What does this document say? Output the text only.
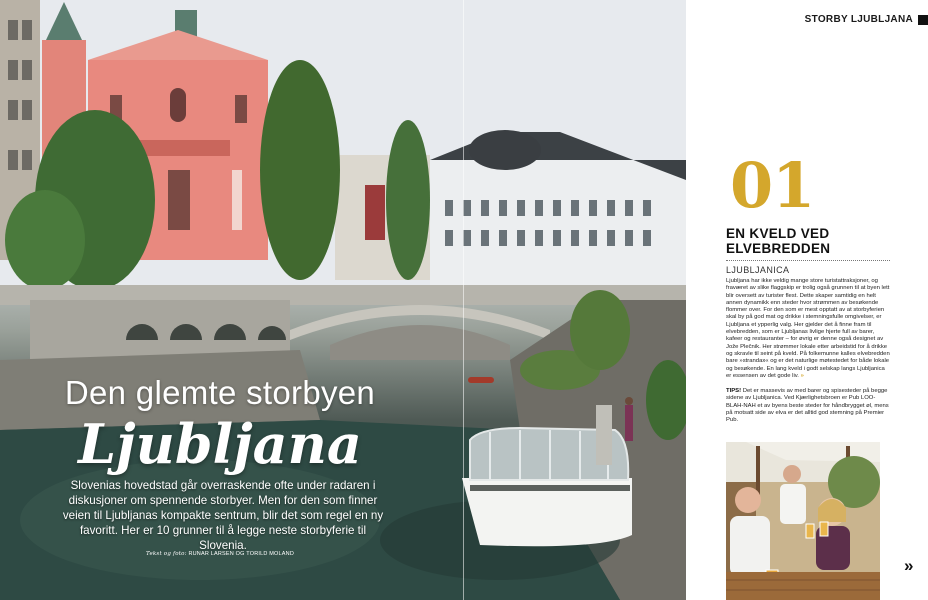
Den glemte storbyen
Ljubljana
Slovenias hovedstad går overraskende ofte under radaren i diskusjoner om spennende storbyer. Men for den som finner veien til Ljubljanas kompakte sentrum, blir det som regel en ny favoritt. Her er 10 grunner til å legge neste storbyferie til Slovenia.
Tekst og foto: RUNAR LARSEN OG TORILD MOLAND
STORBY LJUBLJANA
01
EN KVELD VED ELVEBREDDEN
LJUBLJANICA
Ljubljana har ikke veldig mange store turistattraksjoner, og fraværet av slike flaggskip er trolig også grunnen til at byen lett blir oversett av turister flest. Dette skaper samtidig en helt annen dynamikk enn steder hvor strømmen av besøkende flommer over. For den som er mest opptatt av at storbyferien skal by på god mat og drikke i stemningsfulle omgivelser, er Ljubljana et ypperlig valg. Her gjelder det å finne fram til elvebredden, som er Ljubljanas livlige hjerte full av barer, kafeer og restauranter – for øvrig er denne også designet av Jože Plečnik. Her strømmer lokale etter arbeidstid for å drikke og skravle til seint på kveld. På folkemunne kalles elvebredden bare »strandax« og er det naturlige møtestedet for både lokale og besøkende. En lang kveld i godt selskap langs Ljubljanica er essensen av det gode liv. »
TIPS! Det er massevis av med barer og spisesteder på begge sidene av Ljubljanica. Ved Kjærlighetsbroen er Pub LOO-BLAH-NAH et av byens beste steder for håndbrygget øl, mens på motsatt side av elva er det alltid god stemning på Premier Pub.
»
